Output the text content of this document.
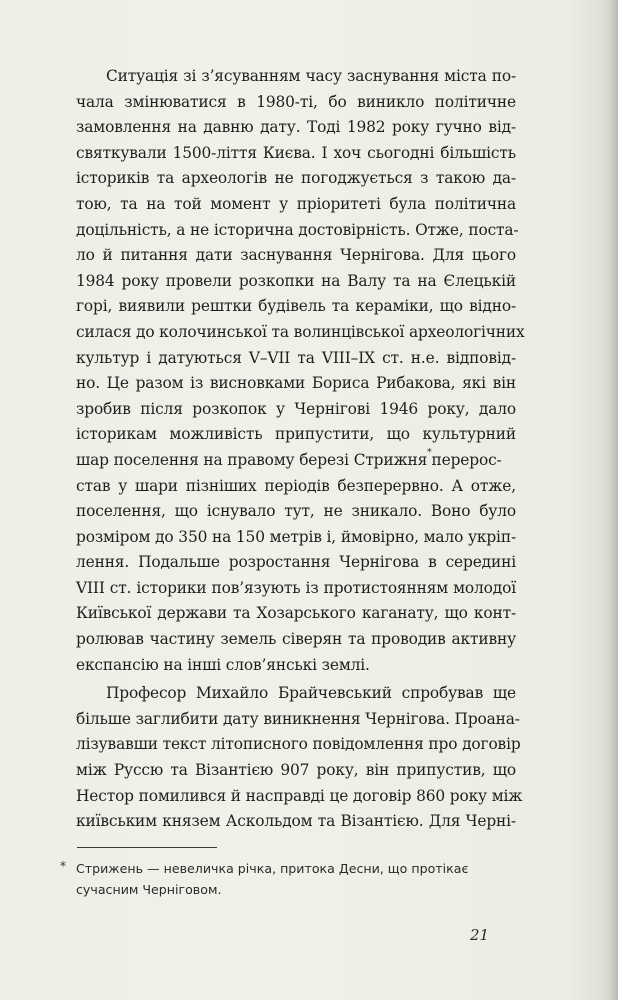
Ситуація зі з’ясуванням часу заснування міста по-
чала змінюватися в 1980-ті, бо виникло політичне
замовлення на давню дату. Тоді 1982 року гучно від-
святкували 1500-ліття Києва. І хоч сьогодні більшість
істориків та археологів не погоджується з такою да-
тою, та на той момент у пріоритеті була політична
доцільність, а не історична достовірність. Отже, поста-
ло й питання дати заснування Чернігова. Для цього
1984 року провели розкопки на Валу та на Єлецькій
горі, виявили рештки будівель та кераміки, що відно-
силася до колочинської та волинцівської археологічних
культур і датуються V–VII та VIII–IX ст. н.е. відповід-
но. Це разом із висновками Бориса Рибакова, які він
зробив після розкопок у Чернігові 1946 року, дало
історикам можливість припустити, що культурний
шар поселення на правому березі Стрижня * перерос-
став у шари пізніших періодів безперервно. А отже,
поселення, що існувало тут, не зникало. Воно було
розміром до 350 на 150 метрів і, ймовірно, мало укріп-
лення. Подальше розростання Чернігова в середині
VIII ст. історики пов’язують із протистоянням молодої
Київської держави та Хозарського каганату, що конт-
ролював частину земель сіверян та проводив активну
експансію на інші слов’янські землі.
Професор Михайло Брайчевський спробував ще
більше заглибити дату виникнення Чернігова. Проана-
лізувавши текст літописного повідомлення про договір
між Руссю та Візантією 907 року, він припустив, що
Нестор помилився й насправді це договір 860 року між
київським князем Аскольдом та Візантією. Для Черні-
* Стрижень — невеличка річка, притока Десни, що протікає
сучасним Черніговом.
21
